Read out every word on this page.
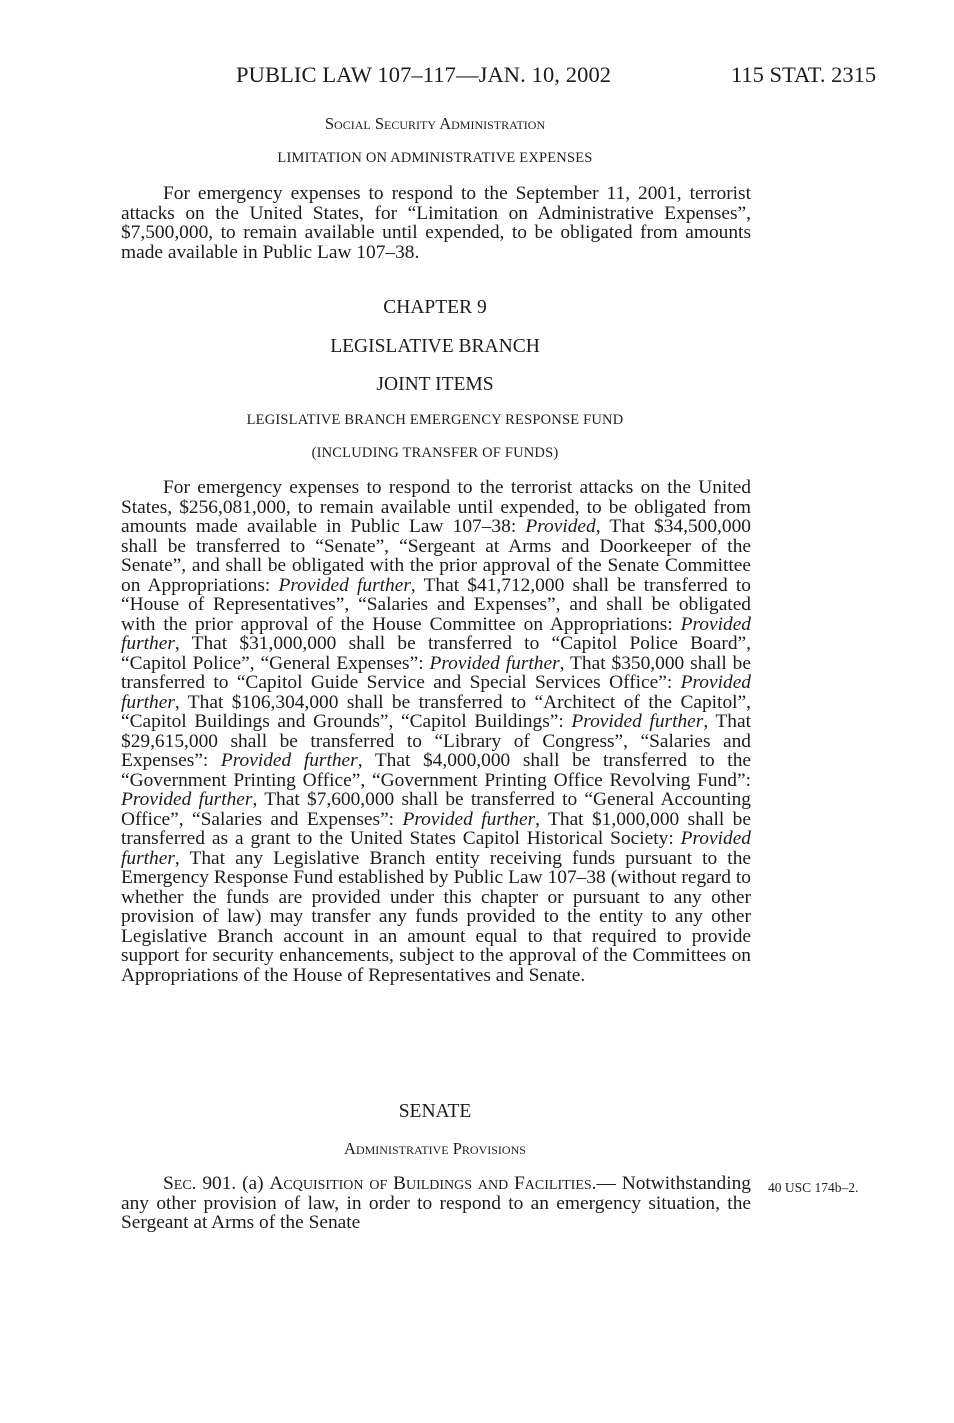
PUBLIC LAW 107–117—JAN. 10, 2002	115 STAT. 2315
Social Security Administration
LIMITATION ON ADMINISTRATIVE EXPENSES

For emergency expenses to respond to the September 11, 2001, terrorist attacks on the United States, for “Limitation on Administrative Expenses”, $7,500,000, to remain available until expended, to be obligated from amounts made available in Public Law 107–38.

CHAPTER 9
LEGISLATIVE BRANCH
JOINT ITEMS
LEGISLATIVE BRANCH EMERGENCY RESPONSE FUND
(INCLUDING TRANSFER OF FUNDS)

For emergency expenses to respond to the terrorist attacks on the United States, $256,081,000, to remain available until expended, to be obligated from amounts made available in Public Law 107–38: Provided, That $34,500,000 shall be transferred to “Senate”, “Sergeant at Arms and Doorkeeper of the Senate”, and shall be obligated with the prior approval of the Senate Committee on Appropriations: Provided further, That $41,712,000 shall be transferred to “House of Representatives”, “Salaries and Expenses”, and shall be obligated with the prior approval of the House Committee on Appropriations: Provided further, That $31,000,000 shall be transferred to “Capitol Police Board”, “Capitol Police”, “General Expenses”: Provided further, That $350,000 shall be transferred to “Capitol Guide Service and Special Services Office”: Provided further, That $106,304,000 shall be transferred to “Architect of the Capitol”, “Capitol Buildings and Grounds”, “Capitol Buildings”: Provided further, That $29,615,000 shall be transferred to “Library of Congress”, “Salaries and Expenses”: Provided further, That $4,000,000 shall be transferred to the “Government Printing Office”, “Government Printing Office Revolving Fund”: Provided further, That $7,600,000 shall be transferred to “General Accounting Office”, “Salaries and Expenses”: Provided further, That $1,000,000 shall be transferred as a grant to the United States Capitol Historical Society: Provided further, That any Legislative Branch entity receiving funds pursuant to the Emergency Response Fund established by Public Law 107–38 (without regard to whether the funds are provided under this chapter or pursuant to any other provision of law) may transfer any funds provided to the entity to any other Legislative Branch account in an amount equal to that required to provide support for security enhancements, subject to the approval of the Committees on Appropriations of the House of Representatives and Senate.

SENATE
Administrative Provisions

Sec. 901. (a) Acquisition of Buildings and Facilities.— Notwithstanding any other provision of law, in order to respond to an emergency situation, the Sergeant at Arms of the Senate

40 USC 174b–2.
